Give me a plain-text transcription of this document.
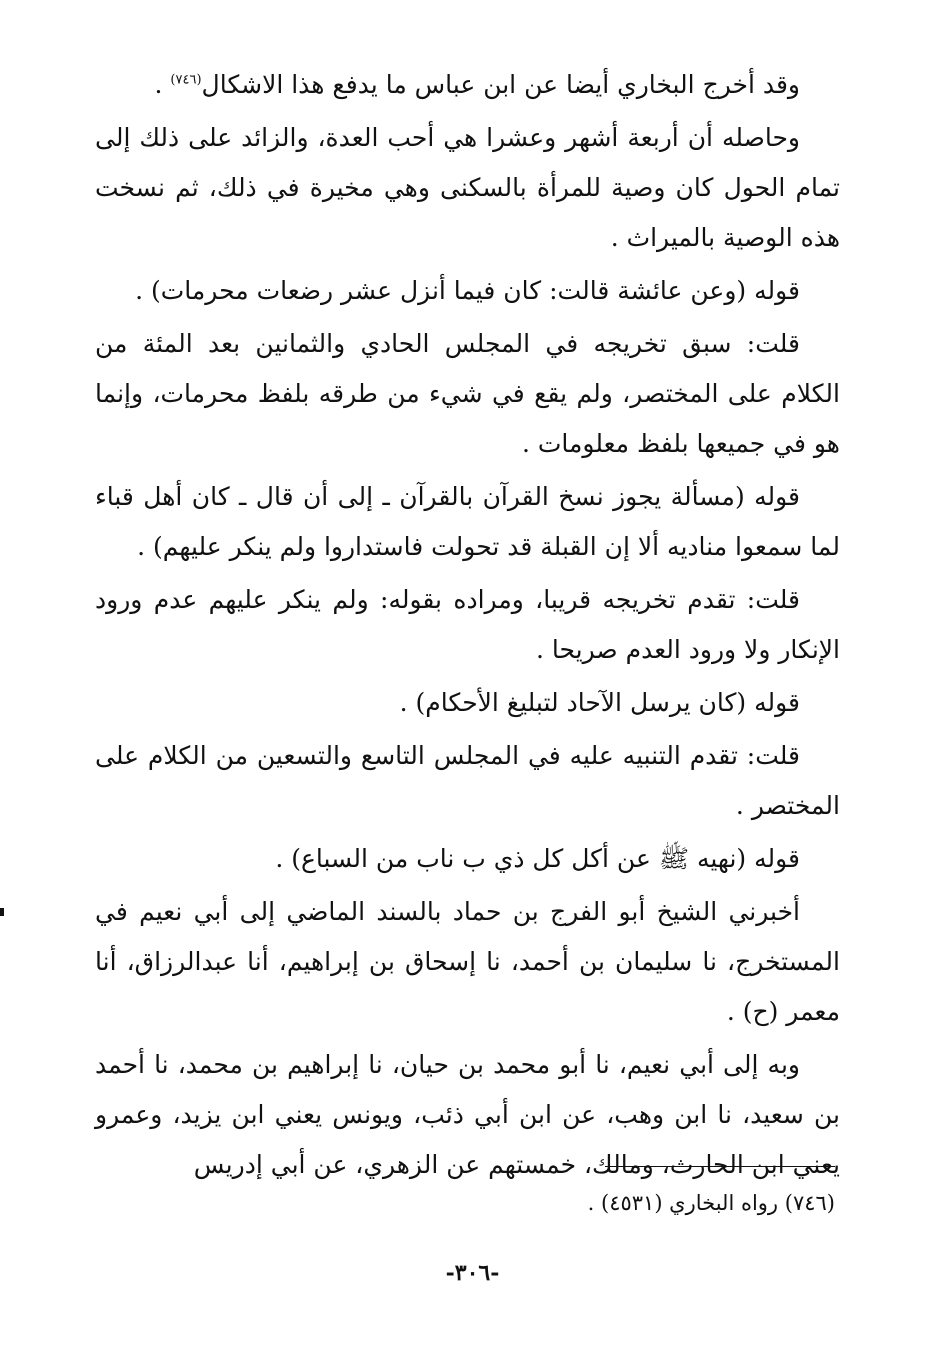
وقد أخرج البخاري أيضا عن ابن عباس ما يدفع هذا الاشكال$^{(٧٤٦)}$ .

وحاصله أن أربعة أشهر وعشرا هي أحب العدة، والزائد على ذلك إلى تمام الحول كان وصية للمرأة بالسكنى وهي مخيرة في ذلك، ثم نسخت هذه الوصية بالميراث .

قوله (وعن عائشة قالت: كان فيما أنزل عشر رضعات محرمات) .

قلت: سبق تخريجه في المجلس الحادي والثمانين بعد المئة من الكلام على المختصر، ولم يقع في شيء من طرقه بلفظ محرمات، وإنما هو في جميعها بلفظ معلومات .

قوله (مسألة يجوز نسخ القرآن بالقرآن ـ إلى أن قال ـ كان أهل قباء لما سمعوا مناديه ألا إن القبلة قد تحولت فاستداروا ولم ينكر عليهم) .

قلت: تقدم تخريجه قريبا، ومراده بقوله: ولم ينكر عليهم عدم ورود الإنكار ولا ورود العدم صريحا .

قوله (كان يرسل الآحاد لتبليغ الأحكام) .

قلت: تقدم التنبيه عليه في المجلس التاسع والتسعين من الكلام على المختصر .

قوله (نهيه ﷺ عن أكل كل ذي ب ناب من السباع) .

أخبرني الشيخ أبو الفرج بن حماد بالسند الماضي إلى أبي نعيم في المستخرج، نا سليمان بن أحمد، نا إسحاق بن إبراهيم، أنا عبدالرزاق، أنا معمر (ح) .

وبه إلى أبي نعيم، نا أبو محمد بن حيان، نا إبراهيم بن محمد، نا أحمد بن سعيد، نا ابن وهب، عن ابن أبي ذئب، ويونس يعني ابن يزيد، وعمرو يعني ابن الحارث، ومالك، خمستهم عن الزهري، عن أبي إدريس

(٧٤٦) رواه البخاري (٤٥٣١) .
-٣٠٦-
